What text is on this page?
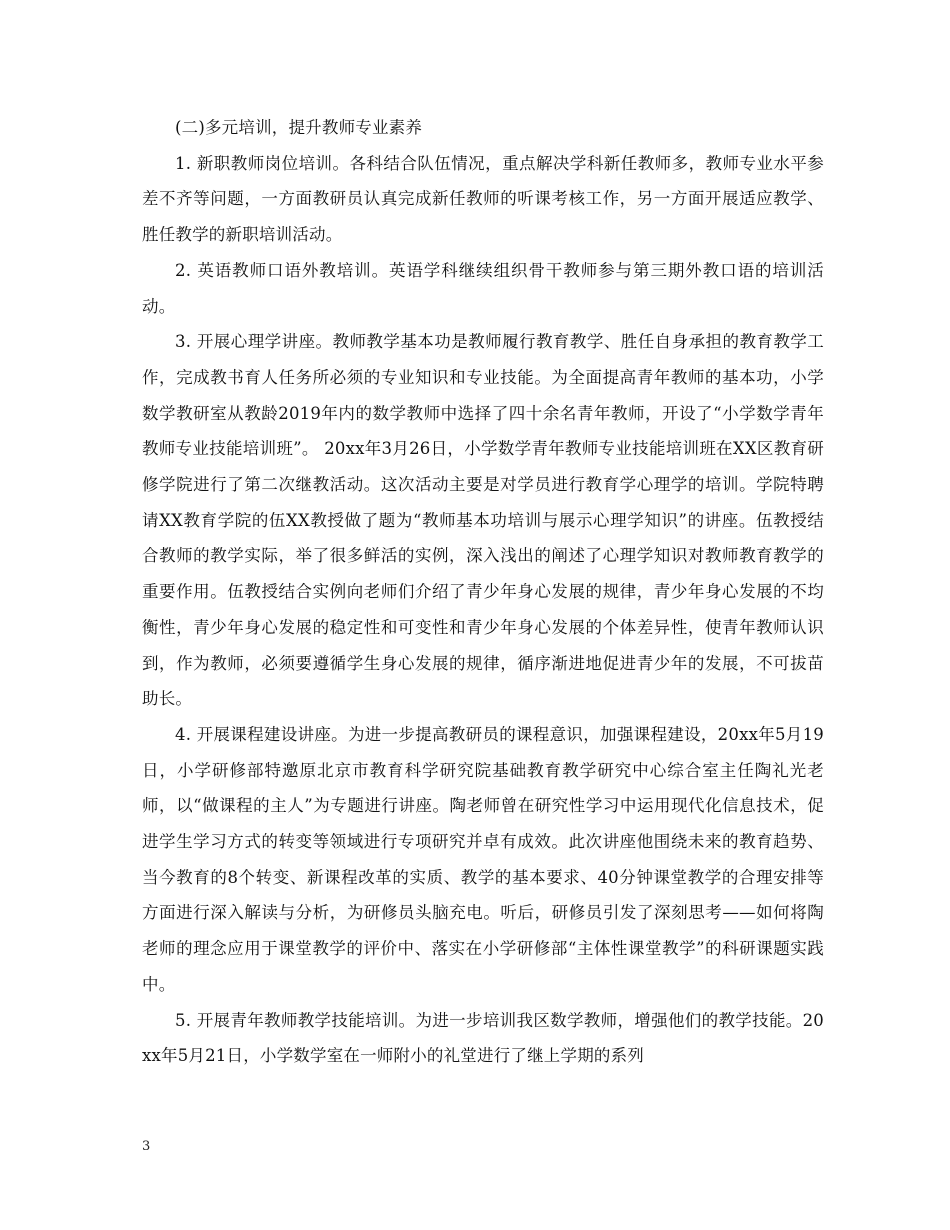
(二)多元培训，提升教师专业素养

1. 新职教师岗位培训。各科结合队伍情况，重点解决学科新任教师多，教师专业水平参差不齐等问题，一方面教研员认真完成新任教师的听课考核工作，另一方面开展适应教学、胜任教学的新职培训活动。

2. 英语教师口语外教培训。英语学科继续组织骨干教师参与第三期外教口语的培训活动。

3. 开展心理学讲座。教师教学基本功是教师履行教育教学、胜任自身承担的教育教学工作，完成教书育人任务所必须的专业知识和专业技能。为全面提高青年教师的基本功，小学数学教研室从教龄2019年内的数学教师中选择了四十余名青年教师，开设了“小学数学青年教师专业技能培训班”。 20xx年3月26日，小学数学青年教师专业技能培训班在XX区教育研修学院进行了第二次继教活动。这次活动主要是对学员进行教育学心理学的培训。学院特聘请XX教育学院的伍XX教授做了题为“教师基本功培训与展示心理学知识”的讲座。伍教授结合教师的教学实际，举了很多鲜活的实例，深入浅出的阐述了心理学知识对教师教育教学的重要作用。伍教授结合实例向老师们介绍了青少年身心发展的规律，青少年身心发展的不均衡性，青少年身心发展的稳定性和可变性和青少年身心发展的个体差异性，使青年教师认识到，作为教师，必须要遵循学生身心发展的规律，循序渐进地促进青少年的发展，不可拔苗助长。

4. 开展课程建设讲座。为进一步提高教研员的课程意识，加强课程建设，20xx年5月19日，小学研修部特邀原北京市教育科学研究院基础教育教学研究中心综合室主任陶礼光老师，以“做课程的主人”为专题进行讲座。陶老师曾在研究性学习中运用现代化信息技术，促进学生学习方式的转变等领域进行专项研究并卓有成效。此次讲座他围绕未来的教育趋势、当今教育的8个转变、新课程改革的实质、教学的基本要求、40分钟课堂教学的合理安排等方面进行深入解读与分析，为研修员头脑充电。听后，研修员引发了深刻思考——如何将陶老师的理念应用于课堂教学的评价中、落实在小学研修部“主体性课堂教学”的科研课题实践中。

5. 开展青年教师教学技能培训。为进一步培训我区数学教师，增强他们的教学技能。20xx年5月21日，小学数学室在一师附小的礼堂进行了继上学期的系列

3
